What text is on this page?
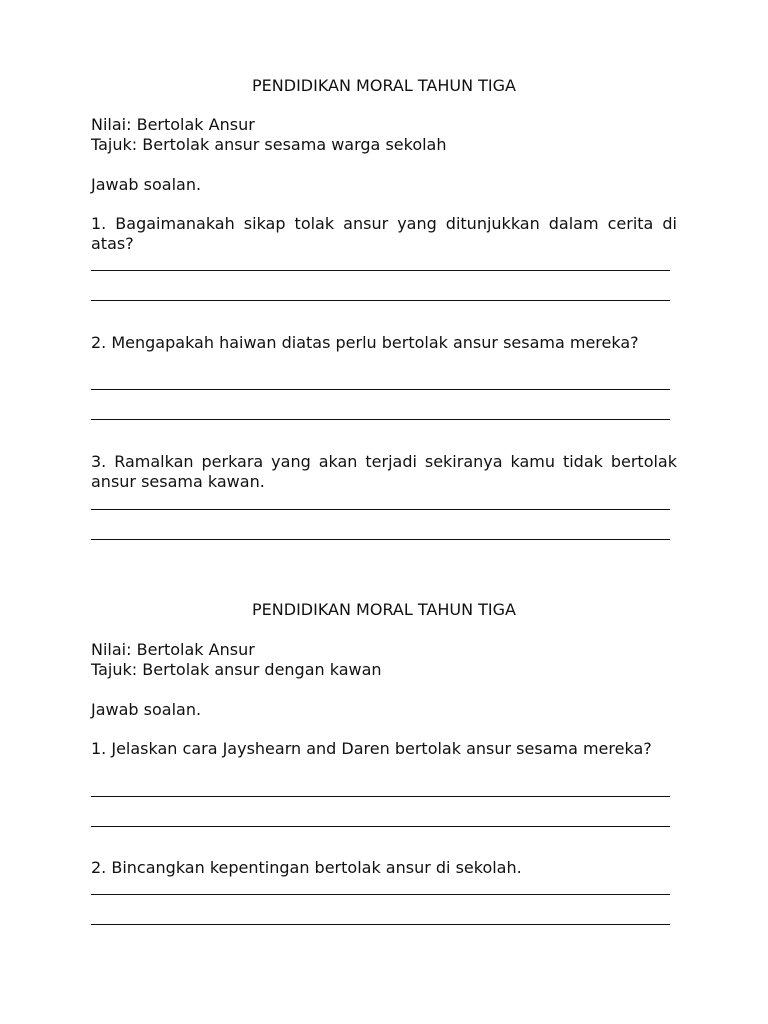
PENDIDIKAN MORAL TAHUN TIGA
Nilai: Bertolak Ansur
Tajuk: Bertolak ansur sesama warga sekolah
Jawab soalan.
1. Bagaimanakah sikap tolak ansur yang ditunjukkan dalam cerita di atas?
2. Mengapakah haiwan diatas perlu bertolak ansur sesama mereka?
3. Ramalkan perkara yang akan terjadi sekiranya kamu tidak bertolak ansur sesama kawan.
PENDIDIKAN MORAL TAHUN TIGA
Nilai: Bertolak Ansur
Tajuk: Bertolak ansur dengan kawan
Jawab soalan.
1. Jelaskan cara Jayshearn and Daren bertolak ansur sesama mereka?
2. Bincangkan kepentingan bertolak ansur di sekolah.
